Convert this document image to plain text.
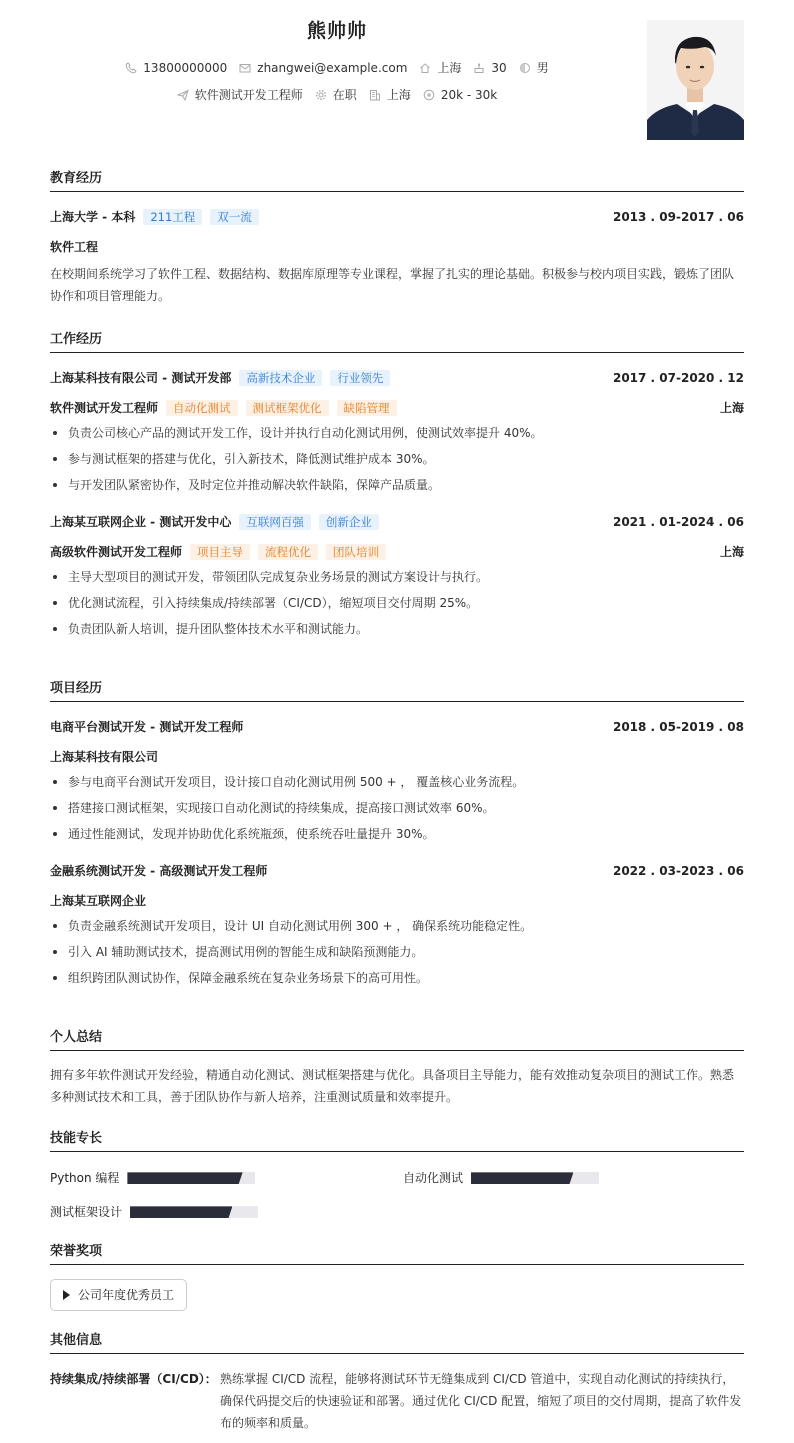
熊帅帅
13800000000	zhangwei@example.com	上海	30	男
软件测试开发工程师	在职	上海	20k - 30k
教育经历
上海大学 - 本科	211工程	双一流	2013 . 09-2017 . 06
软件工程
在校期间系统学习了软件工程、数据结构、数据库原理等专业课程，掌握了扎实的理论基础。积极参与校内项目实践，锻炼了团队协作和项目管理能力。
工作经历
上海某科技有限公司 - 测试开发部	高新技术企业	行业领先	2017 . 07-2020 . 12
软件测试开发工程师	自动化测试	测试框架优化	缺陷管理	上海
负责公司核心产品的测试开发工作，设计并执行自动化测试用例，使测试效率提升 40%。
参与测试框架的搭建与优化，引入新技术，降低测试维护成本 30%。
与开发团队紧密协作，及时定位并推动解决软件缺陷，保障产品质量。
上海某互联网企业 - 测试开发中心	互联网百强	创新企业	2021 . 01-2024 . 06
高级软件测试开发工程师	项目主导	流程优化	团队培训	上海
主导大型项目的测试开发，带领团队完成复杂业务场景的测试方案设计与执行。
优化测试流程，引入持续集成/持续部署（CI/CD），缩短项目交付周期 25%。
负责团队新人培训，提升团队整体技术水平和测试能力。
项目经历
电商平台测试开发 - 测试开发工程师	2018 . 05-2019 . 08
上海某科技有限公司
参与电商平台测试开发项目，设计接口自动化测试用例 500 + ， 覆盖核心业务流程。
搭建接口测试框架，实现接口自动化测试的持续集成，提高接口测试效率 60%。
通过性能测试，发现并协助优化系统瓶颈，使系统吞吐量提升 30%。
金融系统测试开发 - 高级测试开发工程师	2022 . 03-2023 . 06
上海某互联网企业
负责金融系统测试开发项目，设计 UI 自动化测试用例 300 + ， 确保系统功能稳定性。
引入 AI 辅助测试技术，提高测试用例的智能生成和缺陷预测能力。
组织跨团队测试协作，保障金融系统在复杂业务场景下的高可用性。
个人总结
拥有多年软件测试开发经验，精通自动化测试、测试框架搭建与优化。具备项目主导能力，能有效推动复杂项目的测试工作。熟悉多种测试技术和工具，善于团队协作与新人培养，注重测试质量和效率提升。
技能专长
Python 编程	自动化测试
测试框架设计
荣誉奖项
公司年度优秀员工
其他信息
持续集成/持续部署（CI/CD）： 熟练掌握 CI/CD 流程，能够将测试环节无缝集成到 CI/CD 管道中，实现自动化测试的持续执行，确保代码提交后的快速验证和部署。通过优化 CI/CD 配置，缩短了项目的交付周期，提高了软件发布的频率和质量。
